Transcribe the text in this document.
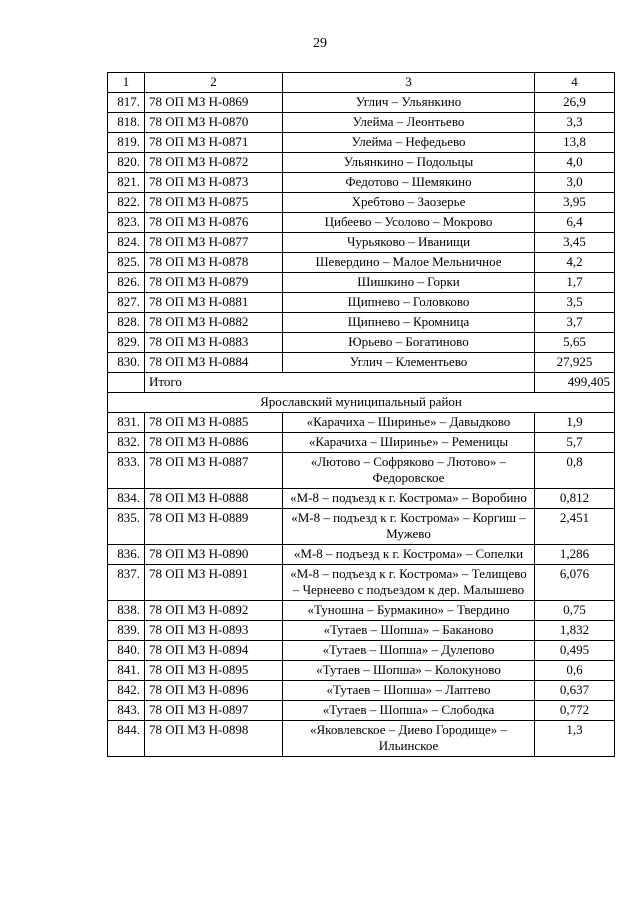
29
1	2	3	4
817.	78 ОП МЗ Н-0869	Углич – Ульянкино	26,9
818.	78 ОП МЗ Н-0870	Улейма – Леонтьево	3,3
819.	78 ОП МЗ Н-0871	Улейма – Нефедьево	13,8
820.	78 ОП МЗ Н-0872	Ульянкино – Подольцы	4,0
821.	78 ОП МЗ Н-0873	Федотово – Шемякино	3,0
822.	78 ОП МЗ Н-0875	Хребтово – Заозерье	3,95
823.	78 ОП МЗ Н-0876	Цибеево – Усолово – Мокрово	6,4
824.	78 ОП МЗ Н-0877	Чурьяково – Иванищи	3,45
825.	78 ОП МЗ Н-0878	Шевердино – Малое Мельничное	4,2
826.	78 ОП МЗ Н-0879	Шишкино – Горки	1,7
827.	78 ОП МЗ Н-0881	Щипнево – Головково	3,5
828.	78 ОП МЗ Н-0882	Щипнево – Кромница	3,7
829.	78 ОП МЗ Н-0883	Юрьево – Богатиново	5,65
830.	78 ОП МЗ Н-0884	Углич – Клементьево	27,925
	Итого		499,405
Ярославский муниципальный район			
831.	78 ОП МЗ Н-0885	«Карачиха – Ширинье» – Давыдково	1,9
832.	78 ОП МЗ Н-0886	«Карачиха – Ширинье» – Ременицы	5,7
833.	78 ОП МЗ Н-0887	«Лютово – Софряково – Лютово» – Федоровское	0,8
834.	78 ОП МЗ Н-0888	«М-8 – подъезд к г. Кострома» – Воробино	0,812
835.	78 ОП МЗ Н-0889	«М-8 – подъезд к г. Кострома» – Коргиш – Мужево	2,451
836.	78 ОП МЗ Н-0890	«М-8 – подъезд к г. Кострома» – Сопелки	1,286
837.	78 ОП МЗ Н-0891	«М-8 – подъезд к г. Кострома» – Телищево – Чернеево с подъездом к дер. Малышево	6,076
838.	78 ОП МЗ Н-0892	«Туношна – Бурмакино» – Твердино	0,75
839.	78 ОП МЗ Н-0893	«Тутаев – Шопша» – Баканово	1,832
840.	78 ОП МЗ Н-0894	«Тутаев – Шопша» – Дулепово	0,495
841.	78 ОП МЗ Н-0895	«Тутаев – Шопша» – Колокуново	0,6
842.	78 ОП МЗ Н-0896	«Тутаев – Шопша» – Лаптево	0,637
843.	78 ОП МЗ Н-0897	«Тутаев – Шопша» – Слободка	0,772
844.	78 ОП МЗ Н-0898	«Яковлевское – Диево Городище» – Ильинское	1,3
